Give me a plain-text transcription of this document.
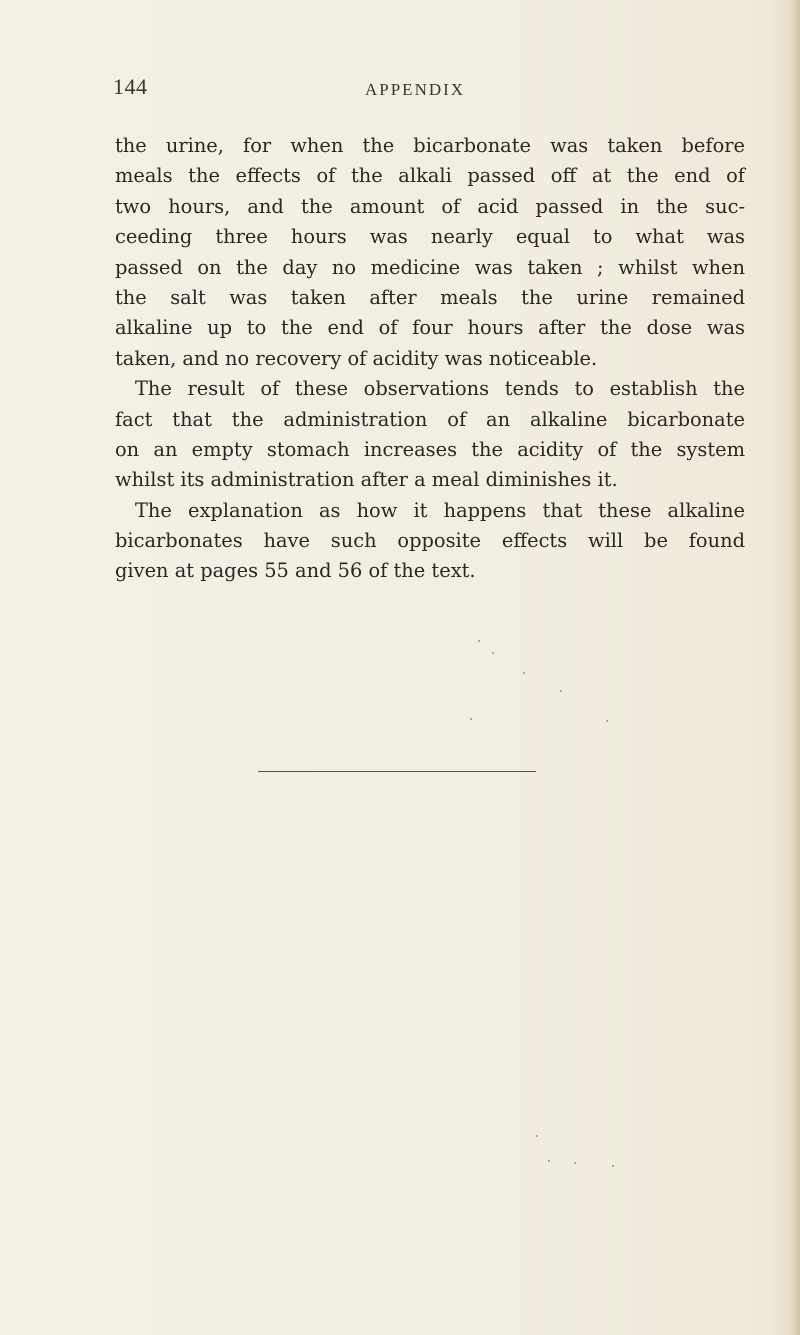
144	APPENDIX
the urine, for when the bicarbonate was taken before
meals the effects of the alkali passed off at the end of
two hours, and the amount of acid passed in the suc-
ceeding three hours was nearly equal to what was
passed on the day no medicine was taken ; whilst when
the salt was taken after meals the urine remained
alkaline up to the end of four hours after the dose was
taken, and no recovery of acidity was noticeable.
The result of these observations tends to establish the
fact that the administration of an alkaline bicarbonate
on an empty stomach increases the acidity of the system
whilst its administration after a meal diminishes it.
The explanation as how it happens that these alkaline
bicarbonates have such opposite effects will be found
given at pages 55 and 56 of the text.
